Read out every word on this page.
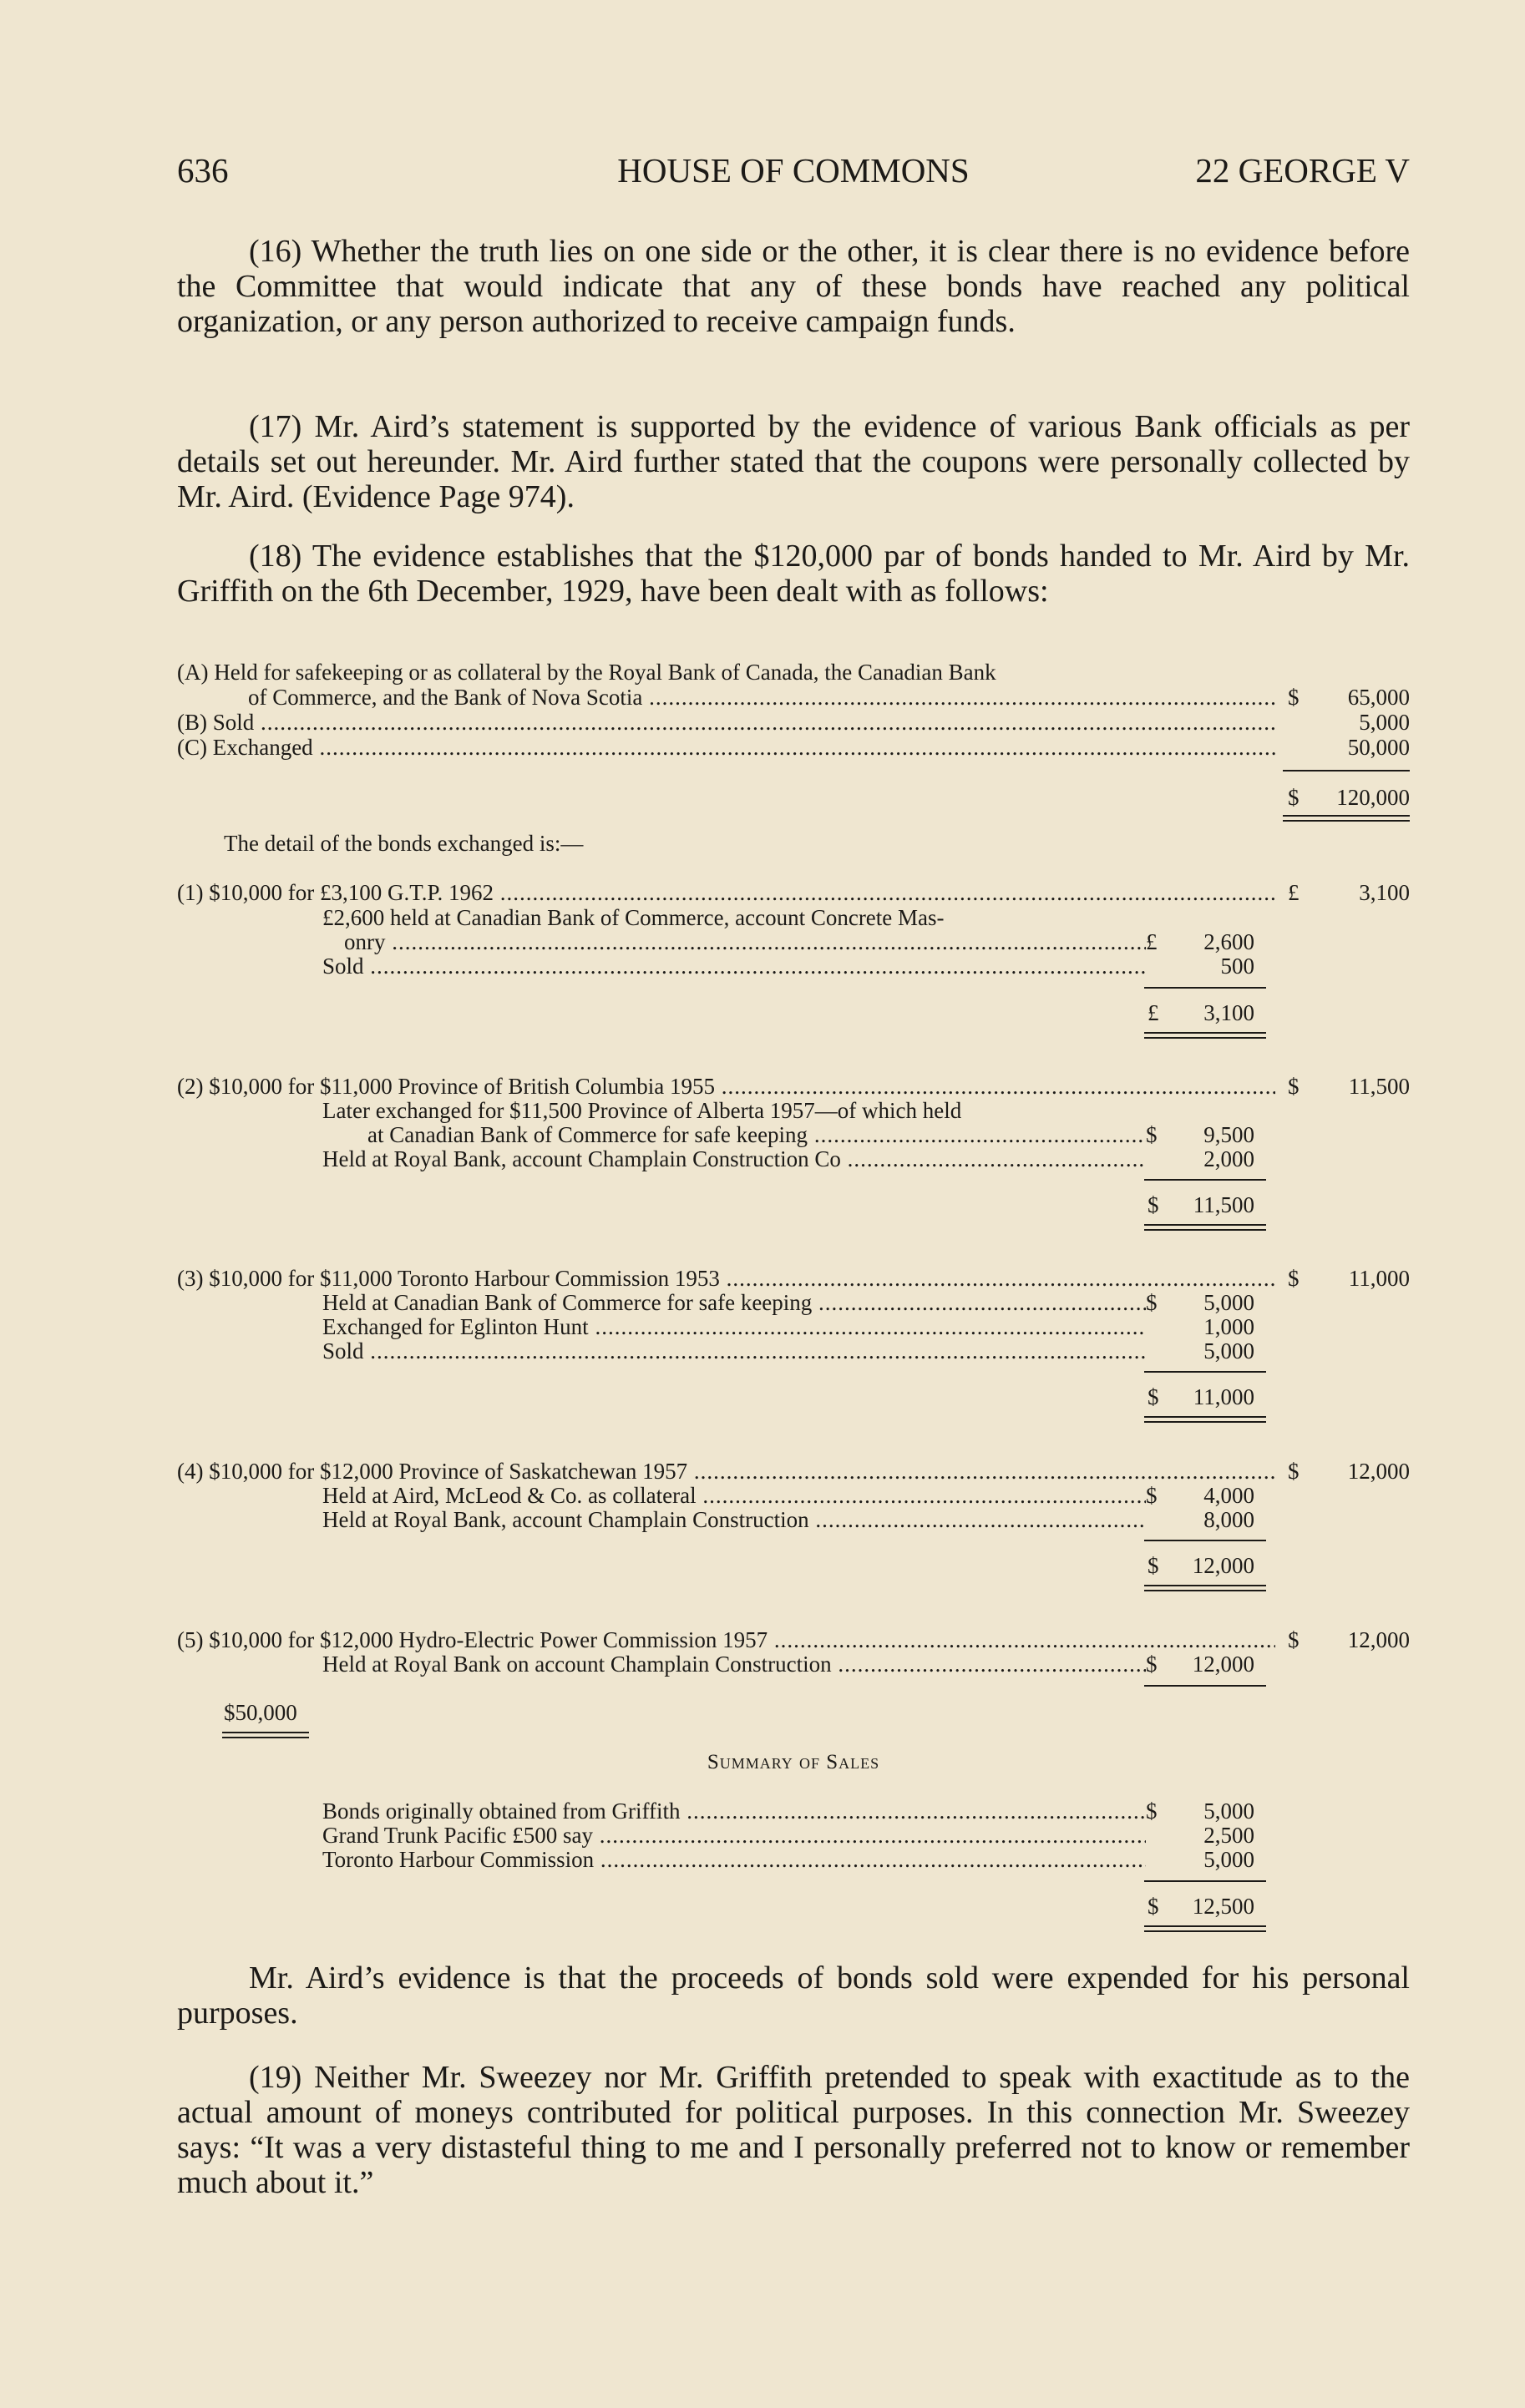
636	HOUSE OF COMMONS	22 GEORGE V

(16) Whether the truth lies on one side or the other, it is clear there is no evidence before the Committee that would indicate that any of these bonds have reached any political organization, or any person authorized to receive campaign funds.

(17) Mr. Aird’s statement is supported by the evidence of various Bank officials as per details set out hereunder. Mr. Aird further stated that the coupons were personally collected by Mr. Aird. (Evidence Page 974).

(18) The evidence establishes that the $120,000 par of bonds handed to Mr. Aird by Mr. Griffith on the 6th December, 1929, have been dealt with as follows:

(A) Held for safekeeping or as collateral by the Royal Bank of Canada, the Canadian Bank
of Commerce, and the Bank of Nova Scotia .....	$	65,000
(B) Sold .....	5,000
(C) Exchanged .....	50,000
$	120,000
The detail of the bonds exchanged is:—
(1) $10,000 for £3,100 G.T.P. 1962 .....	£	3,100
£2,600 held at Canadian Bank of Commerce, account Concrete Mas-
onry .....	£	2,600
Sold .....	500
£	3,100
(2) $10,000 for $11,000 Province of British Columbia 1955 .....	$	11,500
Later exchanged for $11,500 Province of Alberta 1957—of which held
at Canadian Bank of Commerce for safe keeping .....	$	9,500
Held at Royal Bank, account Champlain Construction Co .....	2,000
$	11,500
(3) $10,000 for $11,000 Toronto Harbour Commission 1953 .....	$	11,000
Held at Canadian Bank of Commerce for safe keeping .....	$	5,000
Exchanged for Eglinton Hunt .....	1,000
Sold .....	5,000
$	11,000
(4) $10,000 for $12,000 Province of Saskatchewan 1957 .....	$	12,000
Held at Aird, McLeod & Co. as collateral .....	$	4,000
Held at Royal Bank, account Champlain Construction .....	8,000
$	12,000
(5) $10,000 for $12,000 Hydro-Electric Power Commission 1957 .....	$	12,000
Held at Royal Bank on account Champlain Construction .....	$	12,000
$50,000
Summary of Sales
Bonds originally obtained from Griffith .....	$	5,000
Grand Trunk Pacific £500 say .....	2,500
Toronto Harbour Commission .....	5,000
$	12,500

Mr. Aird’s evidence is that the proceeds of bonds sold were expended for his personal purposes.

(19) Neither Mr. Sweezey nor Mr. Griffith pretended to speak with exactitude as to the actual amount of moneys contributed for political purposes. In this connection Mr. Sweezey says: “It was a very distasteful thing to me and I personally preferred not to know or remember much about it.”
